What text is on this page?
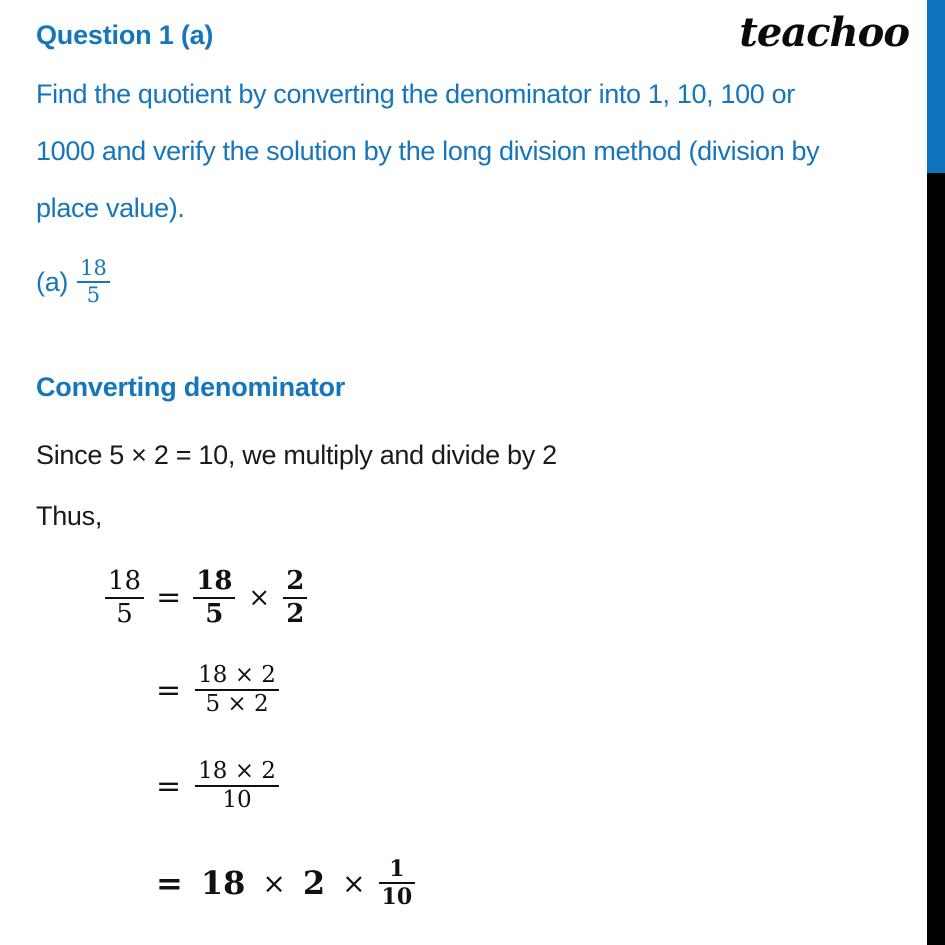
teachoo
Question 1 (a)
Find the quotient by converting the denominator into 1, 10, 100 or
1000 and verify the solution by the long division method (division by
place value).
$(a) \frac{18}{5}$
Converting denominator
Since 5 × 2 = 10, we multiply and divide by 2
Thus,
$\frac{18}{5} = \frac{18}{5} \times \frac{2}{2}$
= $\frac{18 \times 2}{5 \times 2}$
= $\frac{18 \times 2}{10}$
= $18 \times 2 \times \frac{1}{10}$
